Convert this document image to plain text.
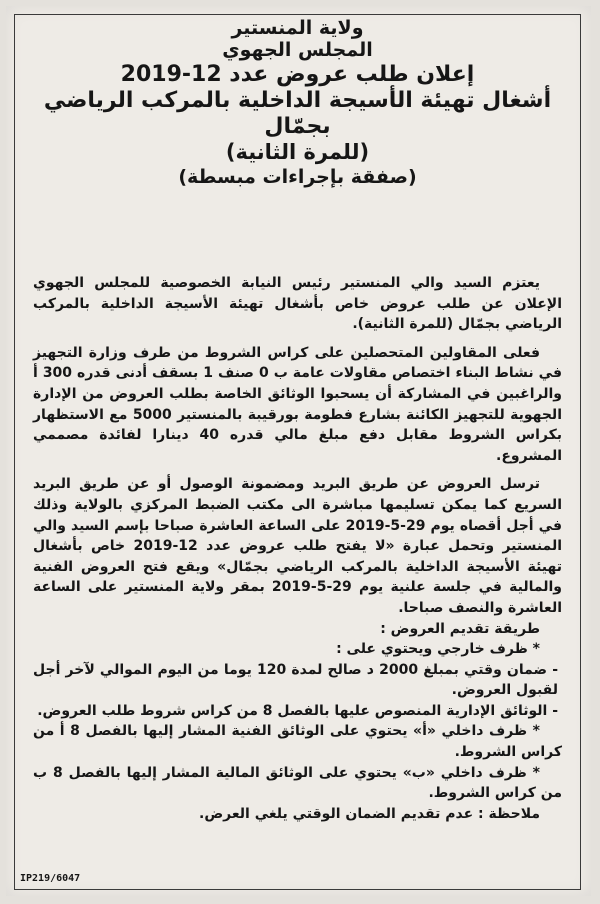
ولاية المنستير

المجلس الجهوي

إعلان طلب عروض عدد 12-2019

أشغال تهيئة الأسيجة الداخلية بالمركب الرياضي بجمّال

(للمرة الثانية)

(صفقة بإجراءات مبسطة)

يعتزم السيد والي المنستير رئيس النيابة الخصوصية للمجلس الجهوي الإعلان عن طلب عروض خاص بأشغال تهيئة الأسيجة الداخلية بالمركب الرياضي بجمّال (للمرة الثانية).

فعلى المقاولين المتحصلين على كراس الشروط من طرف وزارة التجهيز في نشاط البناء اختصاص مقاولات عامة ب 0 صنف 1 بسقف أدنى قدره 300 أ والراغبين في المشاركة أن يسحبوا الوثائق الخاصة بطلب العروض من الإدارة الجهوية للتجهيز الكائنة بشارع فطومة بورقيبة بالمنستير 5000 مع الاستظهار بكراس الشروط مقابل دفع مبلغ مالي قدره 40 دينارا لفائدة مصممي المشروع.

ترسل العروض عن طريق البريد ومضمونة الوصول أو عن طريق البريد السريع كما يمكن تسليمها مباشرة الى مكتب الضبط المركزي بالولاية وذلك في أجل أقصاه يوم 29-5-2019 على الساعة العاشرة صباحا بإسم السيد والي المنستير وتحمل عبارة «لا يفتح طلب عروض عدد 12-2019 خاص بأشغال تهيئة الأسيجة الداخلية بالمركب الرياضي بجمّال» ويقع فتح العروض الفنية والمالية في جلسة علنية يوم 29-5-2019 بمقر ولاية المنستير على الساعة العاشرة والنصف صباحا.

طريقة تقديم العروض :

* ظرف خارجي ويحتوي على :

- ضمان وقتي بمبلغ 2000 د صالح لمدة 120 يوما من اليوم الموالي لآخر أجل لقبول العروض.

- الوثائق الإدارية المنصوص عليها بالفصل 8 من كراس شروط طلب العروض.

* ظرف داخلي «أ» يحتوي على الوثائق الفنية المشار إليها بالفصل 8 أ من كراس الشروط.

* ظرف داخلي «ب» يحتوي على الوثائق المالية المشار إليها بالفصل 8 ب من كراس الشروط.

ملاحظة : عدم تقديم الضمان الوقتي يلغي العرض.

IP219/6047
